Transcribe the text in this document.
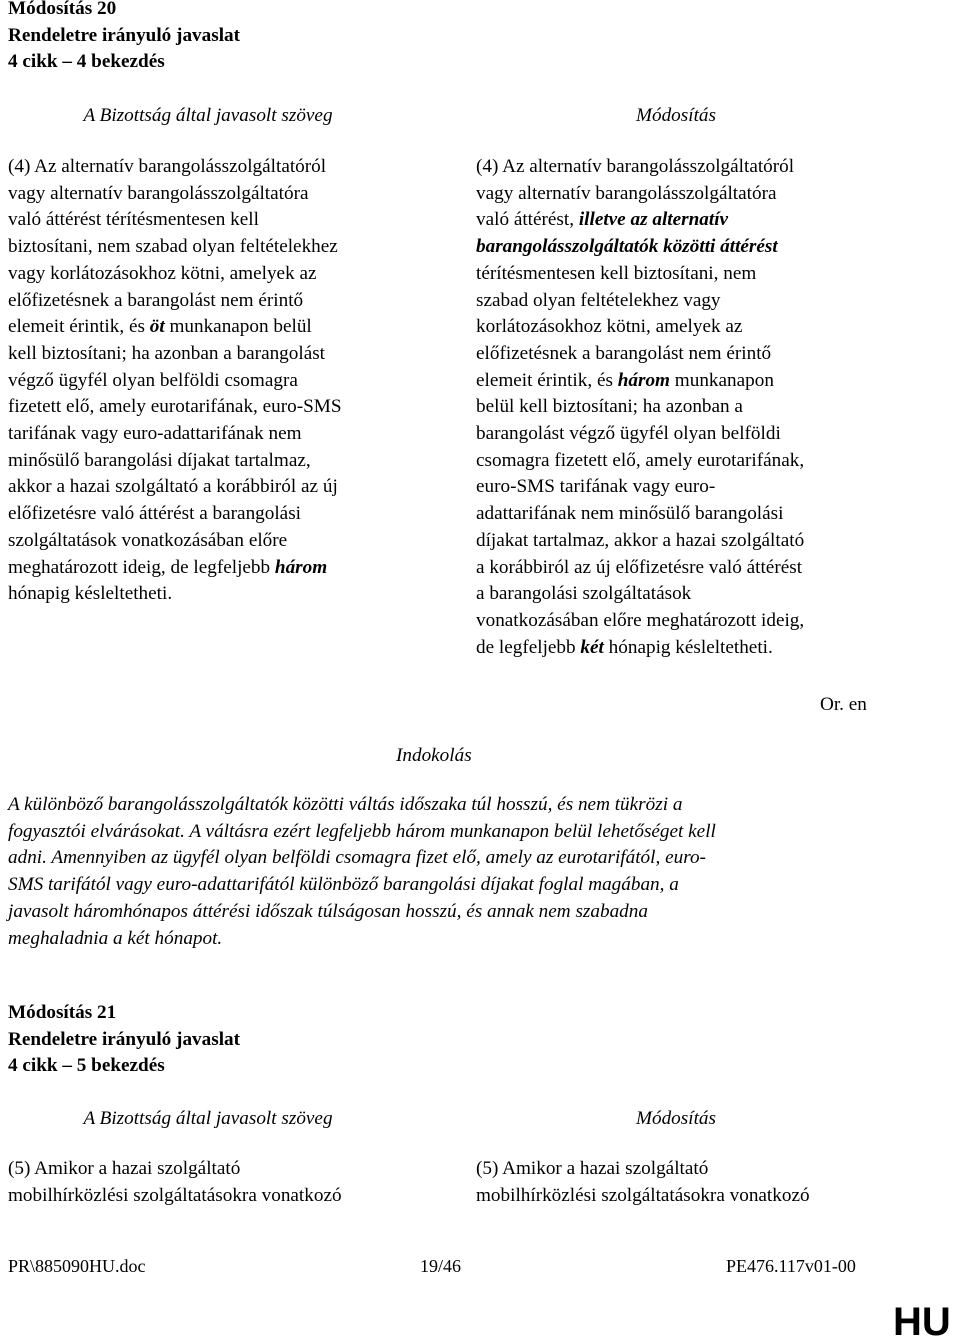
Módosítás 20
Rendeletre irányuló javaslat
4 cikk – 4 bekezdés
A Bizottság által javasolt szöveg	Módosítás
(4) Az alternatív barangolásszolgáltatóról
vagy alternatív barangolásszolgáltatóra
való áttérést térítésmentesen kell
biztosítani, nem szabad olyan feltételekhez
vagy korlátozásokhoz kötni, amelyek az
előfizetésnek a barangolást nem érintő
elemeit érintik, és öt munkanapon belül
kell biztosítani; ha azonban a barangolást
végző ügyfél olyan belföldi csomagra
fizetett elő, amely eurotarifának, euro-SMS
tarifának vagy euro-adattarifának nem
minősülő barangolási díjakat tartalmaz,
akkor a hazai szolgáltató a korábbiról az új
előfizetésre való áttérést a barangolási
szolgáltatások vonatkozásában előre
meghatározott ideig, de legfeljebb három
hónapig késleltetheti.
(4) Az alternatív barangolásszolgáltatóról
vagy alternatív barangolásszolgáltatóra
való áttérést, illetve az alternatív
barangolásszolgáltatók közötti áttérést
térítésmentesen kell biztosítani, nem
szabad olyan feltételekhez vagy
korlátozásokhoz kötni, amelyek az
előfizetésnek a barangolást nem érintő
elemeit érintik, és három munkanapon
belül kell biztosítani; ha azonban a
barangolást végző ügyfél olyan belföldi
csomagra fizetett elő, amely eurotarifának,
euro-SMS tarifának vagy euro-
adattarifának nem minősülő barangolási
díjakat tartalmaz, akkor a hazai szolgáltató
a korábbiról az új előfizetésre való áttérést
a barangolási szolgáltatások
vonatkozásában előre meghatározott ideig,
de legfeljebb két hónapig késleltetheti.
Or. en
Indokolás
A különböző barangolásszolgáltatók közötti váltás időszaka túl hosszú, és nem tükrözi a
fogyasztói elvárásokat. A váltásra ezért legfeljebb három munkanapon belül lehetőséget kell
adni. Amennyiben az ügyfél olyan belföldi csomagra fizet elő, amely az eurotarifától, euro-
SMS tarifától vagy euro-adattarifától különböző barangolási díjakat foglal magában, a
javasolt háromhónapos áttérési időszak túlságosan hosszú, és annak nem szabadna
meghaladnia a két hónapot.
Módosítás 21
Rendeletre irányuló javaslat
4 cikk – 5 bekezdés
A Bizottság által javasolt szöveg	Módosítás
(5) Amikor a hazai szolgáltató
mobilhírközlési szolgáltatásokra vonatkozó
(5) Amikor a hazai szolgáltató
mobilhírközlési szolgáltatásokra vonatkozó
PR\885090HU.doc	19/46	PE476.117v01-00
HU
